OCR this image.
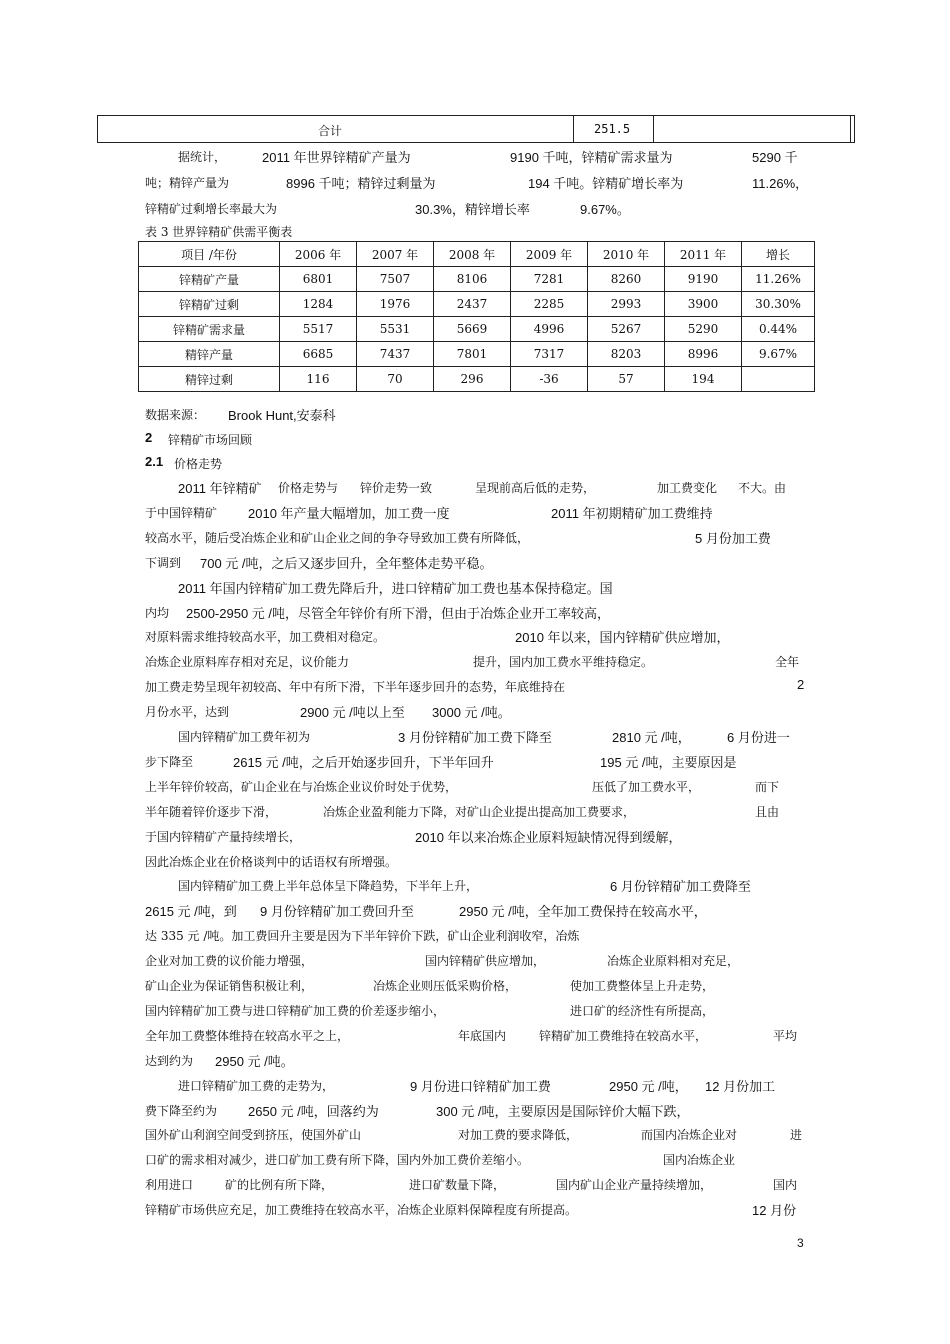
合计	251.5
据统计，	2011 年世界锌精矿产量为	9190 千吨，锌精矿需求量为	5290 千
吨；精锌产量为	8996 千吨；精锌过剩量为	194 千吨。锌精矿增长率为	11.26%，
锌精矿过剩增长率最大为	30.3%，精锌增长率	9.67%。
表 3 世界锌精矿供需平衡表
项目 /年份	2006 年	2007 年	2008 年	2009 年	2010 年	2011 年	增长
锌精矿产量	6801	7507	8106	7281	8260	9190	11.26%
锌精矿过剩	1284	1976	2437	2285	2993	3900	30.30%
锌精矿需求量	5517	5531	5669	4996	5267	5290	0.44%
精锌产量	6685	7437	7801	7317	8203	8996	9.67%
精锌过剩	116	70	296	-36	57	194	
数据来源： Brook Hunt,安泰科
2 锌精矿市场回顾
2.1 价格走势
2011 年锌精矿 价格走势与 锌价走势一致	呈现前高后低的走势，	加工费变化 不大。由
于中国锌精矿 2010 年产量大幅增加，加工费一度	2011 年初期精矿加工费维持
较高水平，随后受冶炼企业和矿山企业之间的争夺导致加工费有所降低，	5 月份加工费
下调到 700 元 /吨，之后又逐步回升，全年整体走势平稳。
2011 年国内锌精矿加工费先降后升，进口锌精矿加工费也基本保持稳定。国
内均 2500-2950 元 /吨，尽管全年锌价有所下滑，但由于冶炼企业开工率较高，
对原料需求维持较高水平，加工费相对稳定。	2010 年以来，国内锌精矿供应增加，
冶炼企业原料库存相对充足，议价能力	提升，国内加工费水平维持稳定。	全年
加工费走势呈现年初较高、年中有所下滑，下半年逐步回升的态势，年底维持在	2
月份水平，达到	2900 元 /吨以上至 3000 元 /吨。
国内锌精矿加工费年初为	3 月份锌精矿加工费下降至	2810 元 /吨，	6 月份进一
步下降至	2615 元 /吨，之后开始逐步回升，下半年回升	195 元 /吨，主要原因是
上半年锌价较高，矿山企业在与冶炼企业议价时处于优势，	压低了加工费水平，	而下
半年随着锌价逐步下滑，	冶炼企业盈利能力下降，对矿山企业提出提高加工费要求，	且由
于国内锌精矿产量持续增长，	2010 年以来冶炼企业原料短缺情况得到缓解，
因此冶炼企业在价格谈判中的话语权有所增强。
国内锌精矿加工费上半年总体呈下降趋势，下半年上升，	6 月份锌精矿加工费降至
2615 元 /吨，到 9 月份锌精矿加工费回升至	2950 元 /吨，全年加工费保持在较高水平，
达 335 元 /吨。加工费回升主要是因为下半年锌价下跌，矿山企业利润收窄，冶炼
企业对加工费的议价能力增强，	国内锌精矿供应增加，	冶炼企业原料相对充足，
矿山企业为保证销售积极让利，	冶炼企业则压低采购价格，	使加工费整体呈上升走势，
国内锌精矿加工费与进口锌精矿加工费的价差逐步缩小，	进口矿的经济性有所提高，
全年加工费整体维持在较高水平之上，	年底国内	锌精矿加工费维持在较高水平，	平均
达到约为 2950 元 /吨。
进口锌精矿加工费的走势为，	9 月份进口锌精矿加工费	2950 元 /吨， 12 月份加工
费下降至约为 2650 元 /吨，回落约为	300 元 /吨，主要原因是国际锌价大幅下跌，
国外矿山利润空间受到挤压，使国外矿山	对加工费的要求降低，	而国内冶炼企业对	进
口矿的需求相对减少，进口矿加工费有所下降，国内外加工费价差缩小。	国内冶炼企业
利用进口	矿的比例有所下降，	进口矿数量下降，	国内矿山企业产量持续增加，	国内
锌精矿市场供应充足，加工费维持在较高水平，冶炼企业原料保障程度有所提高。	12 月份
3
